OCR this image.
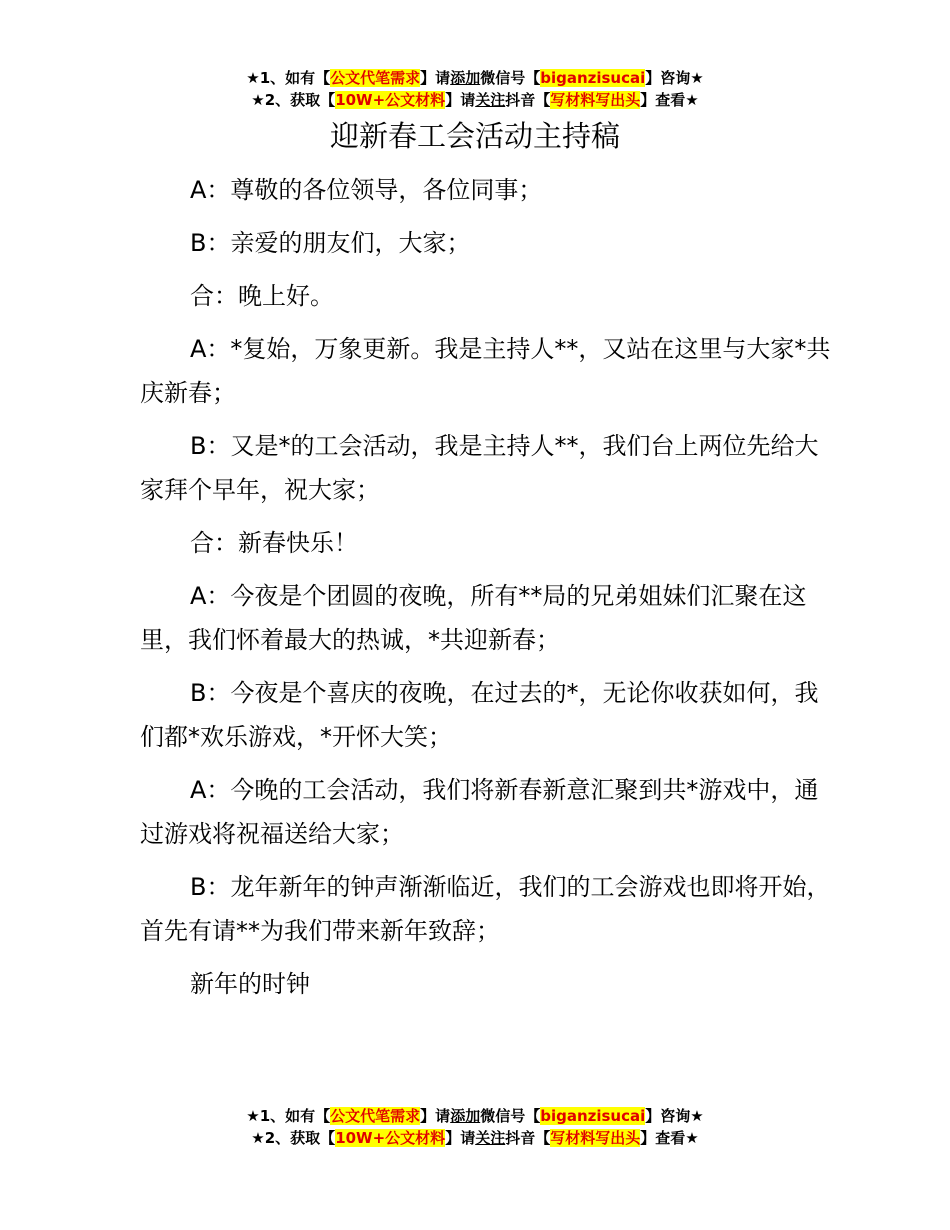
★1、如有【公文代笔需求】请添加微信号【biganzisucai】咨询★
★2、获取【10W+公文材料】请关注抖音【写材料写出头】查看★
迎新春工会活动主持稿

A：尊敬的各位领导，各位同事；

B：亲爱的朋友们，大家；

合：晚上好。

A：*复始，万象更新。我是主持人**，又站在这里与大家*共庆新春；

B：又是*的工会活动，我是主持人**，我们台上两位先给大家拜个早年，祝大家；

合：新春快乐！

A：今夜是个团圆的夜晚，所有**局的兄弟姐妹们汇聚在这里，我们怀着最大的热诚，*共迎新春；

B：今夜是个喜庆的夜晚，在过去的*，无论你收获如何，我们都*欢乐游戏，*开怀大笑；

A：今晚的工会活动，我们将新春新意汇聚到共*游戏中，通过游戏将祝福送给大家；

B：龙年新年的钟声渐渐临近，我们的工会游戏也即将开始，首先有请**为我们带来新年致辞；

新年的时钟

★1、如有【公文代笔需求】请添加微信号【biganzisucai】咨询★
★2、获取【10W+公文材料】请关注抖音【写材料写出头】查看★
